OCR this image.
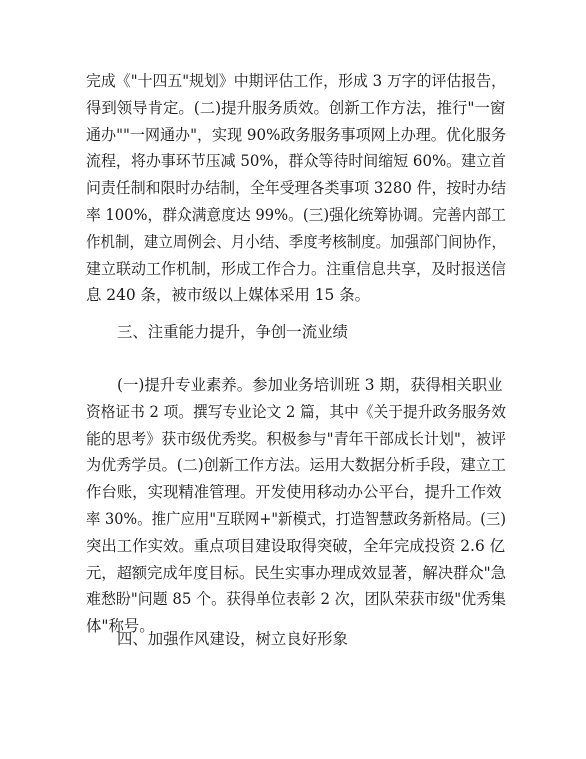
完成《"十四五"规划》中期评估工作，形成 3 万字的评估报告，
得到领导肯定。(二)提升服务质效。创新工作方法，推行"一窗
通办""一网通办"，实现 90%政务服务事项网上办理。优化服务
流程，将办事环节压减 50%，群众等待时间缩短 60%。建立首
问责任制和限时办结制，全年受理各类事项 3280 件，按时办结
率 100%，群众满意度达 99%。(三)强化统筹协调。完善内部工
作机制，建立周例会、月小结、季度考核制度。加强部门间协作，
建立联动工作机制，形成工作合力。注重信息共享，及时报送信
息 240 条，被市级以上媒体采用 15 条。
三、注重能力提升，争创一流业绩
(一)提升专业素养。参加业务培训班 3 期，获得相关职业
资格证书 2 项。撰写专业论文 2 篇，其中《关于提升政务服务效
能的思考》获市级优秀奖。积极参与"青年干部成长计划"，被评
为优秀学员。(二)创新工作方法。运用大数据分析手段，建立工
作台账，实现精准管理。开发使用移动办公平台，提升工作效
率 30%。推广应用"互联网+"新模式，打造智慧政务新格局。(三)
突出工作实效。重点项目建设取得突破，全年完成投资 2.6 亿
元，超额完成年度目标。民生实事办理成效显著，解决群众"急
难愁盼"问题 85 个。获得单位表彰 2 次，团队荣获市级"优秀集
体"称号。
四、加强作风建设，树立良好形象
